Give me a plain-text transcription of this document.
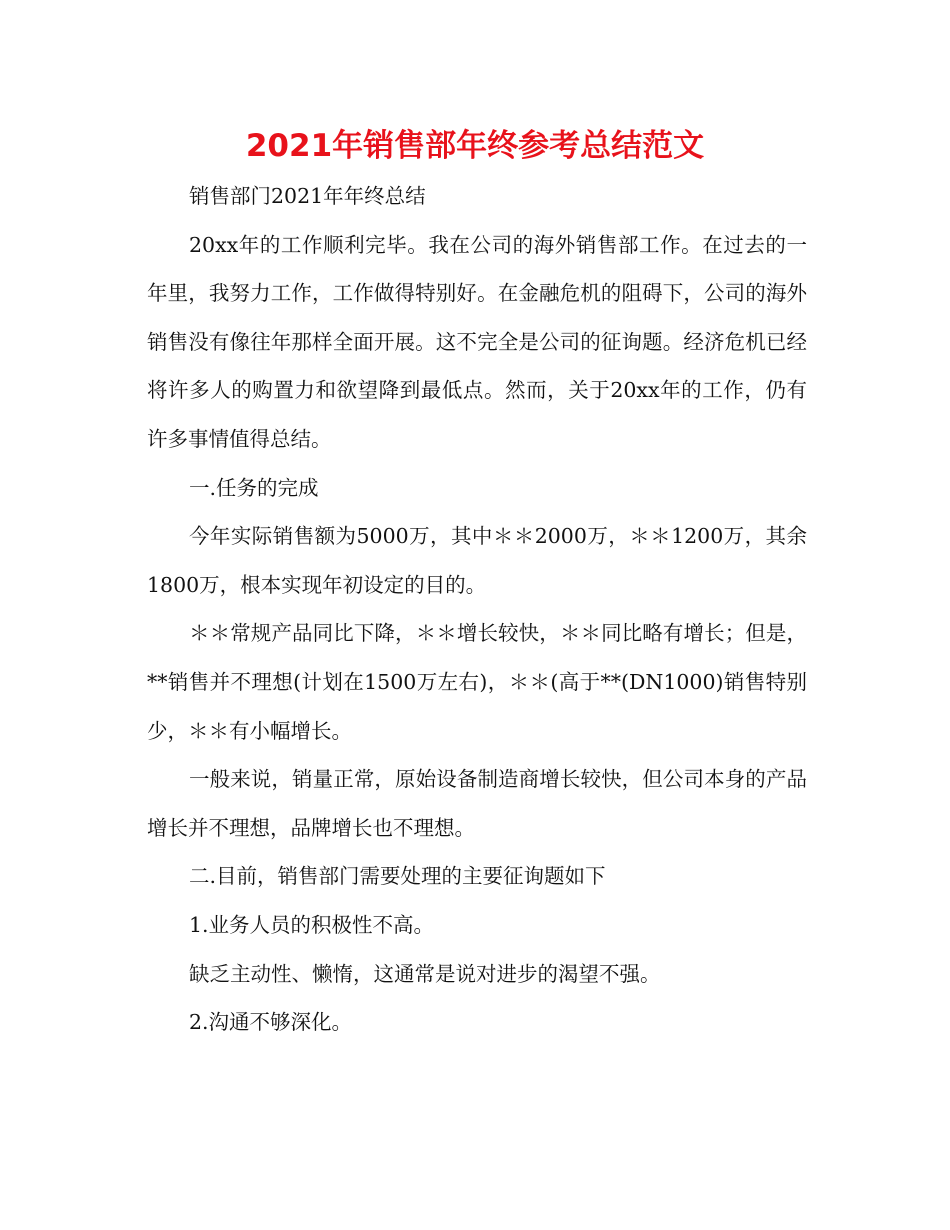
2021年销售部年终参考总结范文

销售部门2021年年终总结

20xx年的工作顺利完毕。我在公司的海外销售部工作。在过去的一年里，我努力工作，工作做得特别好。在金融危机的阻碍下，公司的海外销售没有像往年那样全面开展。这不完全是公司的征询题。经济危机已经将许多人的购置力和欲望降到最低点。然而，关于20xx年的工作，仍有许多事情值得总结。

一.任务的完成

今年实际销售额为5000万，其中＊＊2000万，＊＊1200万，其余1800万，根本实现年初设定的目的。

＊＊常规产品同比下降，＊＊增长较快，＊＊同比略有增长；但是，**销售并不理想(计划在1500万左右)，＊＊(高于**(DN1000)销售特别少，＊＊有小幅增长。

一般来说，销量正常，原始设备制造商增长较快，但公司本身的产品增长并不理想，品牌增长也不理想。

二.目前，销售部门需要处理的主要征询题如下

1.业务人员的积极性不高。

缺乏主动性、懒惰，这通常是说对进步的渴望不强。

2.沟通不够深化。
